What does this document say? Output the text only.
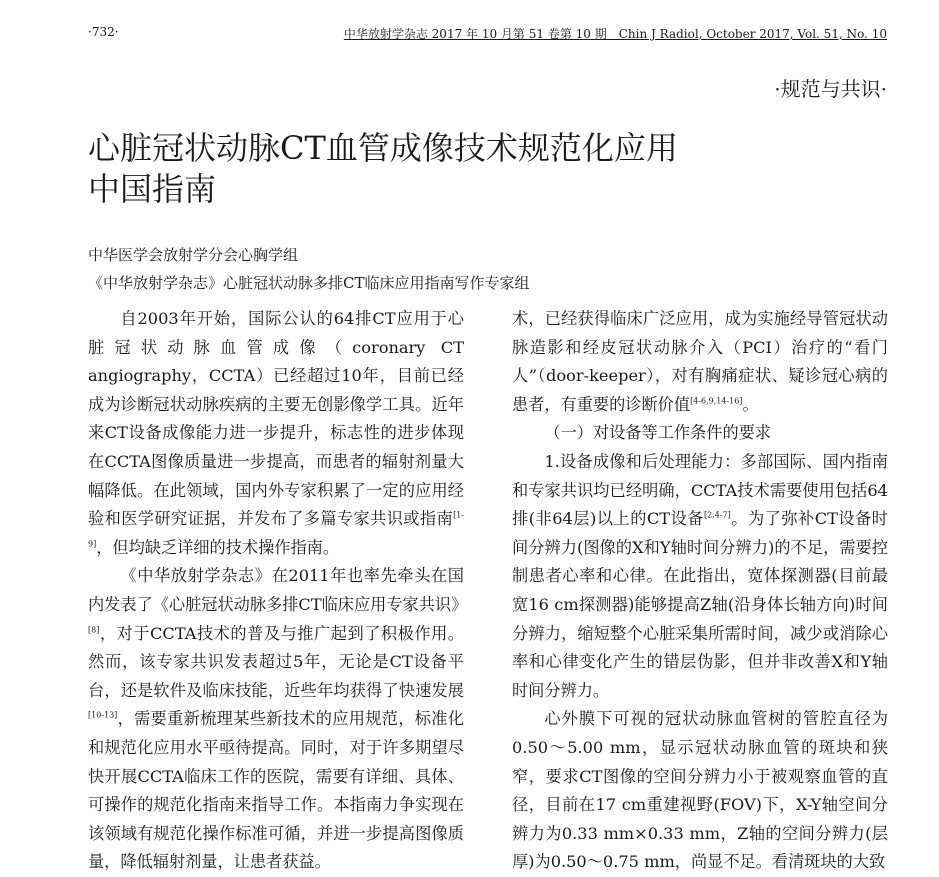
·732·	中华放射学杂志 2017 年 10 月第 51 卷第 10 期　Chin J Radiol, October 2017, Vol. 51, No. 10
·规范与共识·
心脏冠状动脉CT血管成像技术规范化应用
中国指南
中华医学会放射学分会心胸学组
《中华放射学杂志》心脏冠状动脉多排CT临床应用指南写作专家组

自2003年开始，国际公认的64排CT应用于心脏冠状动脉血管成像（coronary CT angiography，CCTA）已经超过10年，目前已经成为诊断冠状动脉疾病的主要无创影像学工具。近年来CT设备成像能力进一步提升，标志性的进步体现在CCTA图像质量进一步提高，而患者的辐射剂量大幅降低。在此领域，国内外专家积累了一定的应用经验和医学研究证据，并发布了多篇专家共识或指南[1-9]，但均缺乏详细的技术操作指南。

《中华放射学杂志》在2011年也率先牵头在国内发表了《心脏冠状动脉多排CT临床应用专家共识》[8]，对于CCTA技术的普及与推广起到了积极作用。然而，该专家共识发表超过5年，无论是CT设备平台，还是软件及临床技能，近些年均获得了快速发展[10-13]，需要重新梳理某些新技术的应用规范，标准化和规范化应用水平亟待提高。同时，对于许多期望尽快开展CCTA临床工作的医院，需要有详细、具体、可操作的规范化指南来指导工作。本指南力争实现在该领域有规范化操作标准可循，并进一步提高图像质量，降低辐射剂量，让患者获益。

术，已经获得临床广泛应用，成为实施经导管冠状动脉造影和经皮冠状动脉介入（PCI）治疗的“看门人”（door-keeper），对有胸痛症状、疑诊冠心病的患者，有重要的诊断价值[4-6,9,14-16]。

（一）对设备等工作条件的要求

1.设备成像和后处理能力：多部国际、国内指南和专家共识均已经明确，CCTA技术需要使用包括64排(非64层)以上的CT设备[2,4-7]。为了弥补CT设备时间分辨力(图像的X和Y轴时间分辨力)的不足，需要控制患者心率和心律。在此指出，宽体探测器(目前最宽16 cm探测器)能够提高Z轴(沿身体长轴方向)时间分辨力，缩短整个心脏采集所需时间，减少或消除心率和心律变化产生的错层伪影，但并非改善X和Y轴时间分辨力。

心外膜下可视的冠状动脉血管树的管腔直径为0.50～5.00 mm，显示冠状动脉血管的斑块和狭窄，要求CT图像的空间分辨力小于被观察血管的直径，目前在17 cm重建视野(FOV)下，X-Y轴空间分辨力为0.33 mm×0.33 mm，Z轴的空间分辨力(层厚)为0.50～0.75 mm，尚显不足。看清斑块的大致
